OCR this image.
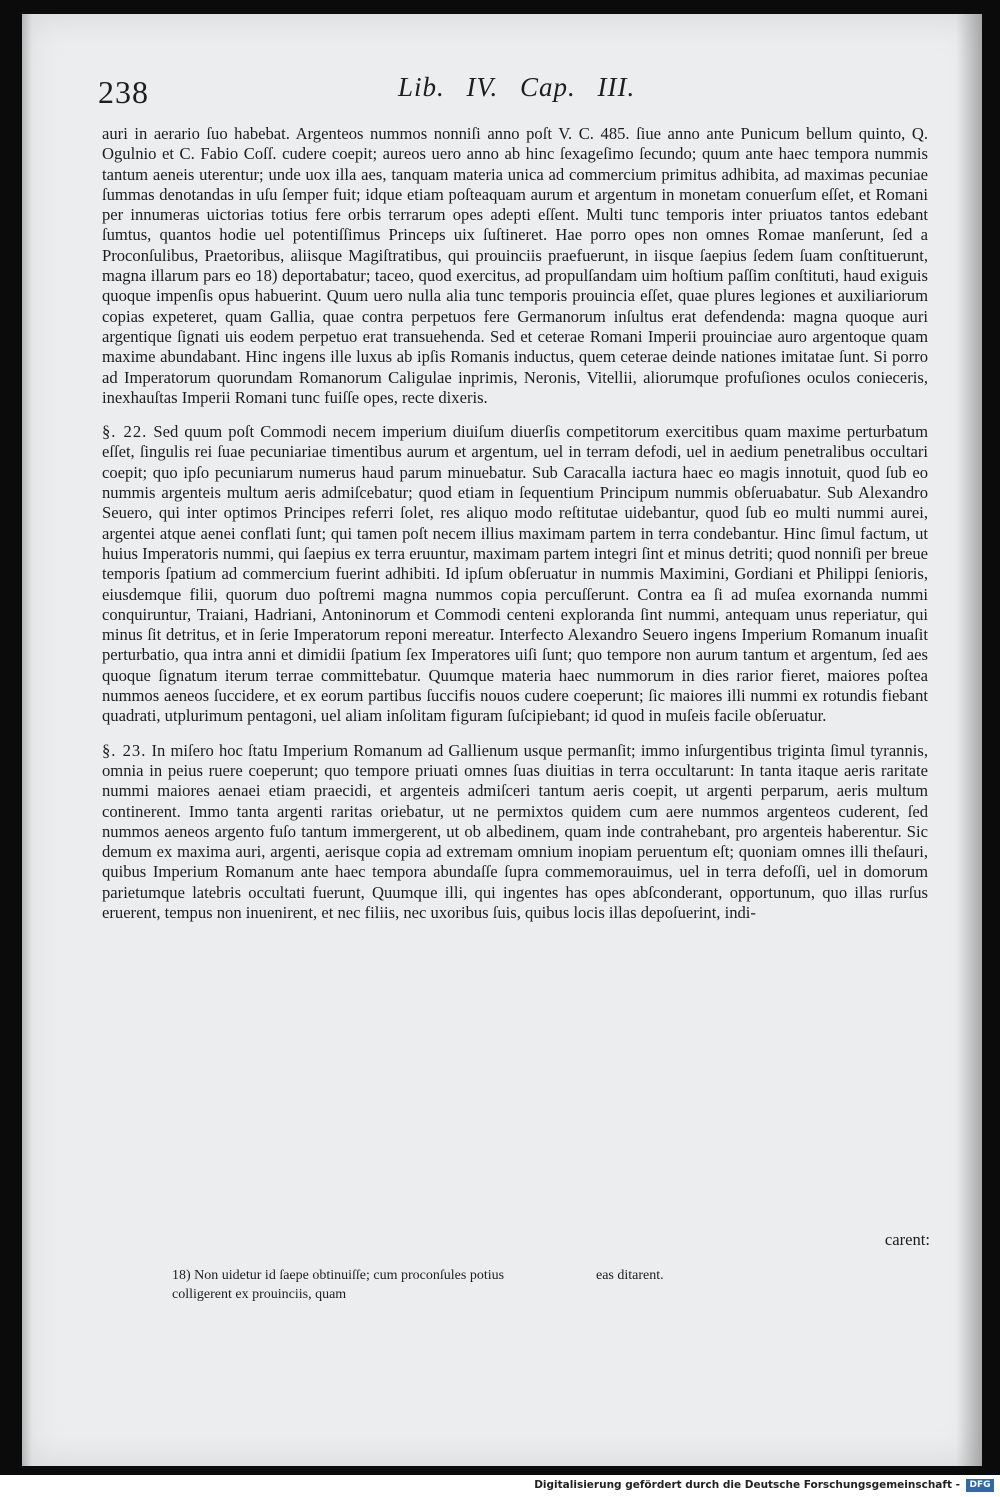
238	Lib. IV. Cap. III.

auri in aerario ſuo habebat. Argenteos nummos nonniſi anno poſt V. C. 485. ſiue anno ante Punicum bellum quinto, Q. Ogulnio et C. Fabio Coſſ. cudere coepit; aureos uero anno ab hinc ſexageſimo ſecundo; quum ante haec tempora nummis tantum aeneis uterentur; unde uox illa aes, tanquam materia unica ad commercium primitus adhibita, ad maximas pecuniae ſummas denotandas in uſu ſemper fuit; idque etiam poſteaquam aurum et argentum in monetam conuerſum eſſet, et Romani per innumeras uictorias totius fere orbis terrarum opes adepti eſſent. Multi tunc temporis inter priuatos tantos edebant ſumtus, quantos hodie uel potentiſſimus Princeps uix ſuſtineret. Hae porro opes non omnes Romae manſerunt, ſed a Proconſulibus, Praetoribus, aliisque Magiſtratibus, qui prouinciis praefuerunt, in iisque ſaepius ſedem ſuam conſtituerunt, magna illarum pars eo 18) deportabatur; taceo, quod exercitus, ad propulſandam uim hoſtium paſſim conſtituti, haud exiguis quoque impenſis opus habuerint. Quum uero nulla alia tunc temporis prouincia eſſet, quae plures legiones et auxiliariorum copias expeteret, quam Gallia, quae contra perpetuos fere Germanorum inſultus erat defendenda: magna quoque auri argentique ſignati uis eodem perpetuo erat transuehenda. Sed et ceterae Romani Imperii prouinciae auro argentoque quam maxime abundabant. Hinc ingens ille luxus ab ipſis Romanis inductus, quem ceterae deinde nationes imitatae ſunt. Si porro ad Imperatorum quorundam Romanorum Caligulae inprimis, Neronis, Vitellii, aliorumque profuſiones oculos conieceris, inexhauſtas Imperii Romani tunc fuiſſe opes, recte dixeris.

§. 22. Sed quum poſt Commodi necem imperium diuiſum diuerſis competitorum exercitibus quam maxime perturbatum eſſet, ſingulis rei ſuae pecuniariae timentibus aurum et argentum, uel in terram defodi, uel in aedium penetralibus occultari coepit; quo ipſo pecuniarum numerus haud parum minuebatur. Sub Caracalla iactura haec eo magis innotuit, quod ſub eo nummis argenteis multum aeris admiſcebatur; quod etiam in ſequentium Principum nummis obſeruabatur. Sub Alexandro Seuero, qui inter optimos Principes referri ſolet, res aliquo modo reſtitutae uidebantur, quod ſub eo multi nummi aurei, argentei atque aenei conflati ſunt; qui tamen poſt necem illius maximam partem in terra condebantur. Hinc ſimul factum, ut huius Imperatoris nummi, qui ſaepius ex terra eruuntur, maximam partem integri ſint et minus detriti; quod nonniſi per breue temporis ſpatium ad commercium fuerint adhibiti. Id ipſum obſeruatur in nummis Maximini, Gordiani et Philippi ſenioris, eiusdemque filii, quorum duo poſtremi magna nummos copia percuſſerunt. Contra ea ſi ad muſea exornanda nummi conquiruntur, Traiani, Hadriani, Antoninorum et Commodi centeni exploranda ſint nummi, antequam unus reperiatur, qui minus ſit detritus, et in ſerie Imperatorum reponi mereatur. Interfecto Alexandro Seuero ingens Imperium Romanum inuaſit perturbatio, qua intra anni et dimidii ſpatium ſex Imperatores uiſi ſunt; quo tempore non aurum tantum et argentum, ſed aes quoque ſignatum iterum terrae committebatur. Quumque materia haec nummorum in dies rarior fieret, maiores poſtea nummos aeneos ſuccidere, et ex eorum partibus ſuccifis nouos cudere coeperunt; ſic maiores illi nummi ex rotundis fiebant quadrati, utplurimum pentagoni, uel aliam inſolitam figuram ſuſcipiebant; id quod in muſeis facile obſeruatur.

§. 23. In miſero hoc ſtatu Imperium Romanum ad Gallienum usque permanſit; immo inſurgentibus triginta ſimul tyrannis, omnia in peius ruere coeperunt; quo tempore priuati omnes ſuas diuitias in terra occultarunt: In tanta itaque aeris raritate nummi maiores aenaei etiam praecidi, et argenteis admiſceri tantum aeris coepit, ut argenti perparum, aeris multum continerent. Immo tanta argenti raritas oriebatur, ut ne permixtos quidem cum aere nummos argenteos cuderent, ſed nummos aeneos argento fuſo tantum immergerent, ut ob albedinem, quam inde contrahebant, pro argenteis haberentur. Sic demum ex maxima auri, argenti, aerisque copia ad extremam omnium inopiam peruentum eſt; quoniam omnes illi theſauri, quibus Imperium Romanum ante haec tempora abundaſſe ſupra commemorauimus, uel in terra defoſſi, uel in domorum parietumque latebris occultati fuerunt, Quumque illi, qui ingentes has opes abſconderant, opportunum, quo illas rurſus eruerent, tempus non inuenirent, et nec filiis, nec uxoribus ſuis, quibus locis illas depoſuerint, indi-

carent:
18) Non uidetur id ſaepe obtinuiſſe; cum proconſules potius colligerent ex prouinciis, quam
eas ditarent.
Digitalisierung gefördert durch die Deutsche Forschungsgemeinschaft -	DFG
